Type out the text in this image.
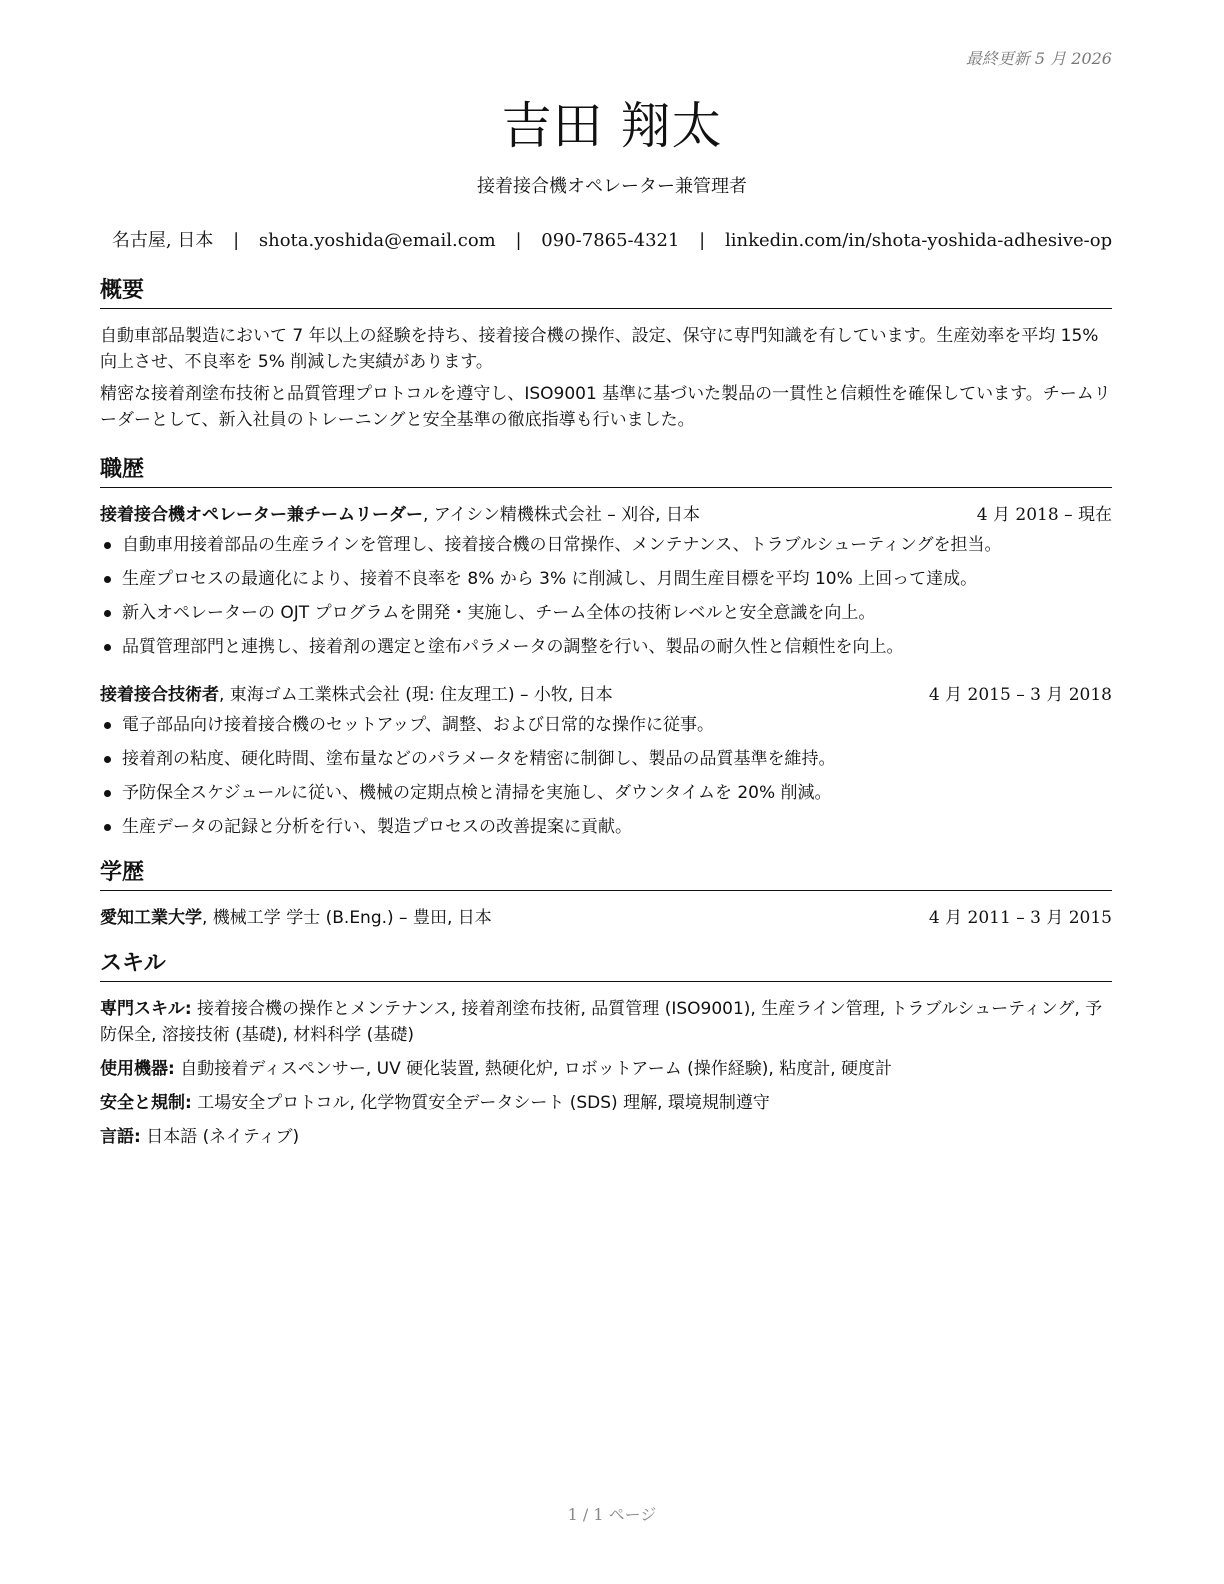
最終更新 5 月 2026
吉田 翔太
接着接合機オペレーター兼管理者
名古屋, 日本 | shota.yoshida@email.com | 090-7865-4321 | linkedin.com/in/shota-yoshida-adhesive-op
概要

自動車部品製造において 7 年以上の経験を持ち、接着接合機の操作、設定、保守に専門知識を有しています。生産効率を平均 15% 向上させ、不良率を 5% 削減した実績があります。

精密な接着剤塗布技術と品質管理プロトコルを遵守し、ISO9001 基準に基づいた製品の一貫性と信頼性を確保しています。チームリーダーとして、新入社員のトレーニングと安全基準の徹底指導も行いました。

職歴
接着接合機オペレーター兼チームリーダー, アイシン精機株式会社 – 刈谷, 日本	4 月 2018 – 現在
自動車用接着部品の生産ラインを管理し、接着接合機の日常操作、メンテナンス、トラブルシューティングを担当。
生産プロセスの最適化により、接着不良率を 8% から 3% に削減し、月間生産目標を平均 10% 上回って達成。
新入オペレーターの OJT プログラムを開発・実施し、チーム全体の技術レベルと安全意識を向上。
品質管理部門と連携し、接着剤の選定と塗布パラメータの調整を行い、製品の耐久性と信頼性を向上。
接着接合技術者, 東海ゴム工業株式会社 (現: 住友理工) – 小牧, 日本	4 月 2015 – 3 月 2018
電子部品向け接着接合機のセットアップ、調整、および日常的な操作に従事。
接着剤の粘度、硬化時間、塗布量などのパラメータを精密に制御し、製品の品質基準を維持。
予防保全スケジュールに従い、機械の定期点検と清掃を実施し、ダウンタイムを 20% 削減。
生産データの記録と分析を行い、製造プロセスの改善提案に貢献。
学歴
愛知工業大学, 機械工学 学士 (B.Eng.) – 豊田, 日本	4 月 2011 – 3 月 2015
スキル

専門スキル: 接着接合機の操作とメンテナンス, 接着剤塗布技術, 品質管理 (ISO9001), 生産ライン管理, トラブルシューティング, 予防保全, 溶接技術 (基礎), 材料科学 (基礎)

使用機器: 自動接着ディスペンサー, UV 硬化装置, 熱硬化炉, ロボットアーム (操作経験), 粘度計, 硬度計

安全と規制: 工場安全プロトコル, 化学物質安全データシート (SDS) 理解, 環境規制遵守

言語: 日本語 (ネイティブ)

1 / 1 ページ
